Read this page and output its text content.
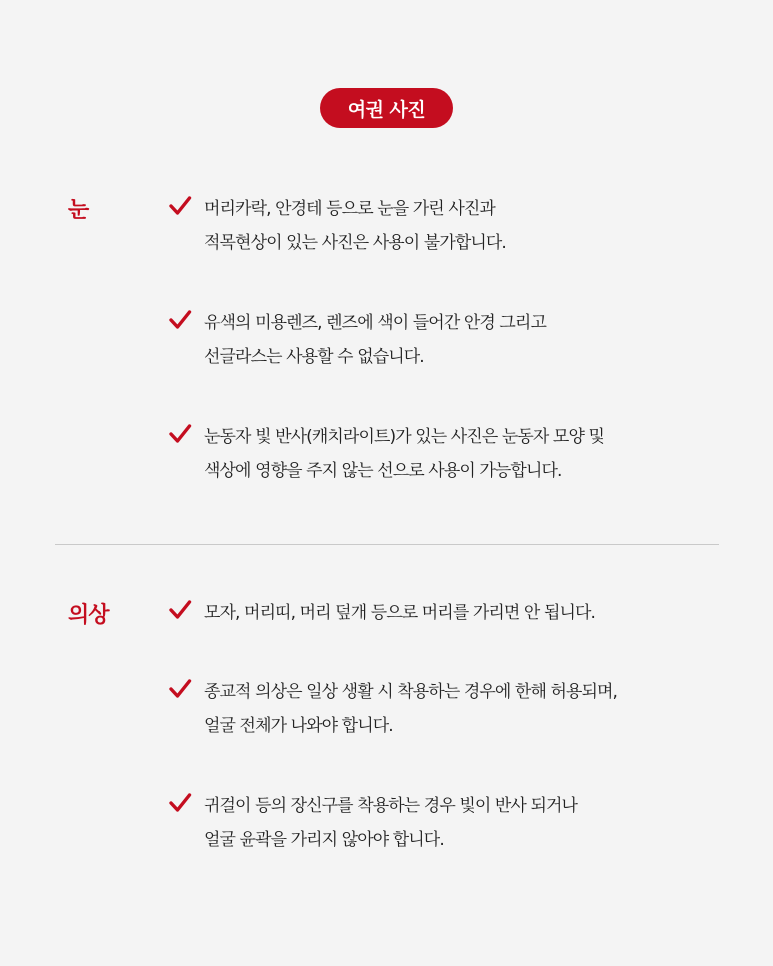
여권 사진
눈	머리카락, 안경테 등으로 눈을 가린 사진과
적목현상이 있는 사진은 사용이 불가합니다.
유색의 미용렌즈, 렌즈에 색이 들어간 안경 그리고
선글라스는 사용할 수 없습니다.
눈동자 빛 반사(캐치라이트)가 있는 사진은 눈동자 모양 및
색상에 영향을 주지 않는 선으로 사용이 가능합니다.
의상	모자, 머리띠, 머리 덮개 등으로 머리를 가리면 안 됩니다.
종교적 의상은 일상 생활 시 착용하는 경우에 한해 허용되며,
얼굴 전체가 나와야 합니다.
귀걸이 등의 장신구를 착용하는 경우 빛이 반사 되거나
얼굴 윤곽을 가리지 않아야 합니다.
